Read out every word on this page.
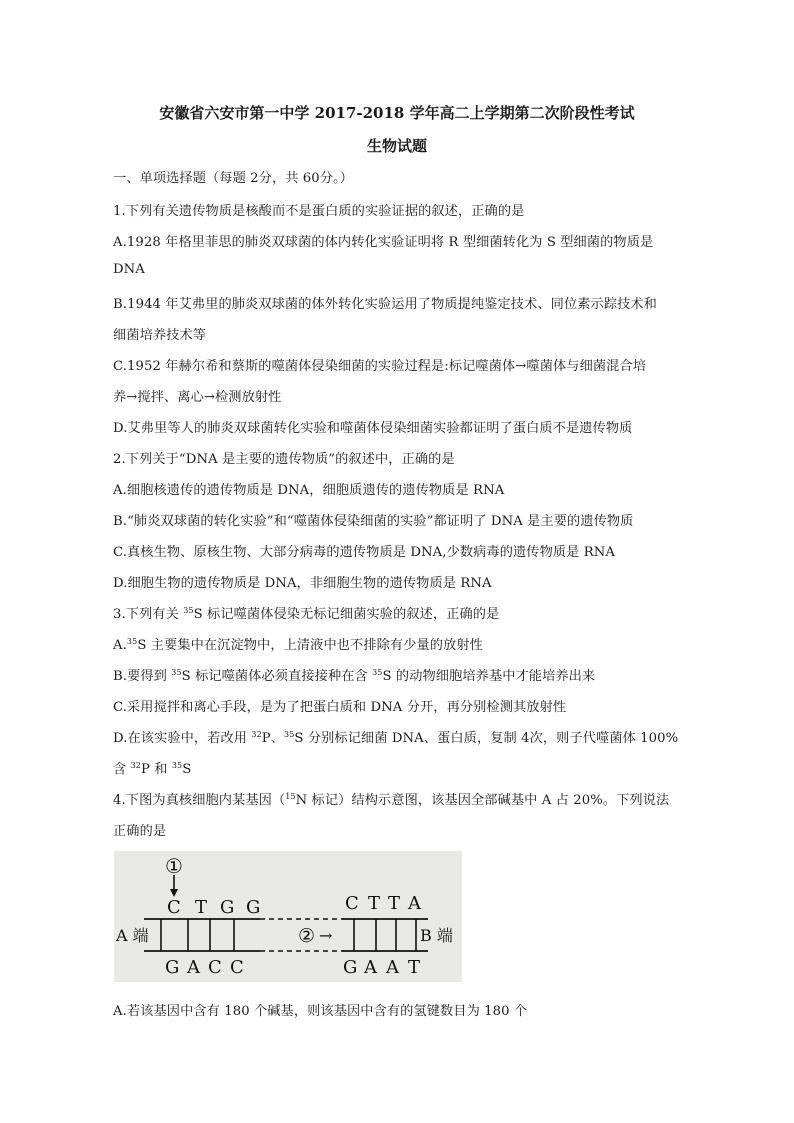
安徽省六安市第一中学 2017-2018 学年高二上学期第二次阶段性考试
生物试题
一、单项选择题（每题 2分，共 60分。）
1.下列有关遗传物质是核酸而不是蛋白质的实验证据的叙述，正确的是
A.1928 年格里菲思的肺炎双球菌的体内转化实验证明将 R 型细菌转化为 S 型细菌的物质是
DNA
B.1944 年艾弗里的肺炎双球菌的体外转化实验运用了物质提纯鉴定技术、同位素示踪技术和
细菌培养技术等
C.1952 年赫尔希和蔡斯的噬菌体侵染细菌的实验过程是:标记噬菌体→噬菌体与细菌混合培
养→搅拌、离心→检测放射性
D.艾弗里等人的肺炎双球菌转化实验和噬菌体侵染细菌实验都证明了蛋白质不是遗传物质
2.下列关于“DNA 是主要的遗传物质”的叙述中，正确的是
A.细胞核遗传的遗传物质是 DNA，细胞质遗传的遗传物质是 RNA
B.“肺炎双球菌的转化实验”和“噬菌体侵染细菌的实验”都证明了 DNA 是主要的遗传物质
C.真核生物、原核生物、大部分病毒的遗传物质是 DNA,少数病毒的遗传物质是 RNA
D.细胞生物的遗传物质是 DNA，非细胞生物的遗传物质是 RNA
3.下列有关 $^{35}$S 标记噬菌体侵染无标记细菌实验的叙述，正确的是
A.$^{35}$S 主要集中在沉淀物中，上清液中也不排除有少量的放射性
B.要得到 $^{35}$S 标记噬菌体必须直接接种在含 $^{35}$S 的动物细胞培养基中才能培养出来
C.采用搅拌和离心手段，是为了把蛋白质和 DNA 分开，再分别检测其放射性
D.在该实验中，若改用 $^{32}$P、$^{35}$S 分别标记细菌 DNA、蛋白质，复制 4次，则子代噬菌体 100%
含 $^{32}$P 和 $^{35}$S
4.下图为真核细胞内某基因（$^{15}$N 标记）结构示意图，该基因全部碱基中 A 占 20%。下列说法
正确的是
①
C T G G	C T T A
A 端	B 端
② →
G A C C	G A A T
A.若该基因中含有 180 个碱基，则该基因中含有的氢键数目为 180 个
